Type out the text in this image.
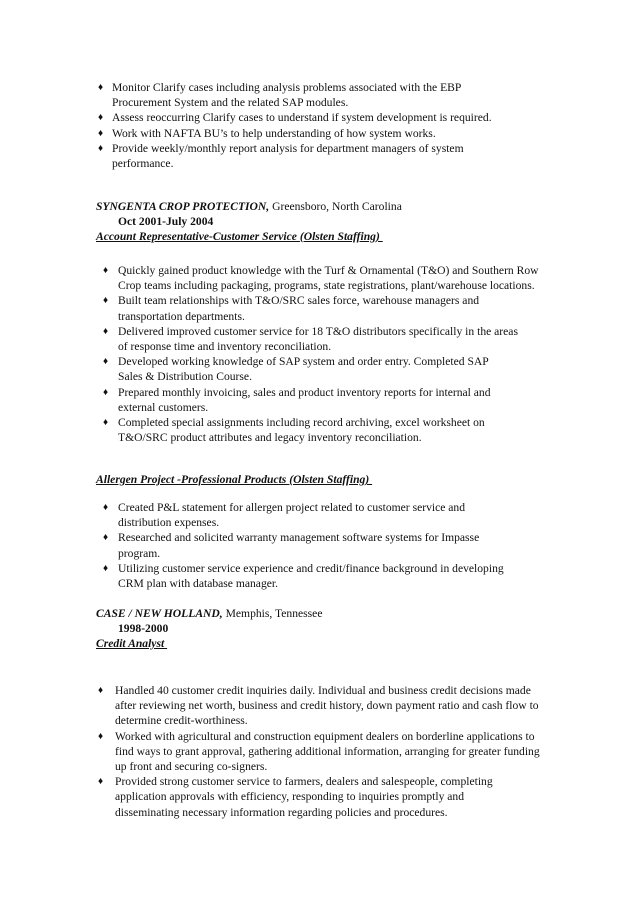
♦ Monitor Clarify cases including analysis problems associated with the EBP Procurement System and the related SAP modules.
♦ Assess reoccurring Clarify cases to understand if system development is required.
♦ Work with NAFTA BU’s to help understanding of how system works.
♦ Provide weekly/monthly report analysis for department managers of system performance.
SYNGENTA CROP PROTECTION, Greensboro, North Carolina
Oct 2001-July 2004
Account Representative-Customer Service (Olsten Staffing)
♦ Quickly gained product knowledge with the Turf & Ornamental (T&O) and Southern Row Crop teams including packaging, programs, state registrations, plant/warehouse locations.
♦ Built team relationships with T&O/SRC sales force, warehouse managers and transportation departments.
♦ Delivered improved customer service for 18 T&O distributors specifically in the areas of response time and inventory reconciliation.
♦ Developed working knowledge of SAP system and order entry. Completed SAP Sales & Distribution Course.
♦ Prepared monthly invoicing, sales and product inventory reports for internal and external customers.
♦ Completed special assignments including record archiving, excel worksheet on T&O/SRC product attributes and legacy inventory reconciliation.
Allergen Project -Professional Products (Olsten Staffing)
♦ Created P&L statement for allergen project related to customer service and distribution expenses.
♦ Researched and solicited warranty management software systems for Impasse program.
♦ Utilizing customer service experience and credit/finance background in developing CRM plan with database manager.
CASE / NEW HOLLAND, Memphis, Tennessee
1998-2000
Credit Analyst
♦ Handled 40 customer credit inquiries daily. Individual and business credit decisions made after reviewing net worth, business and credit history, down payment ratio and cash flow to determine credit-worthiness.
♦ Worked with agricultural and construction equipment dealers on borderline applications to find ways to grant approval, gathering additional information, arranging for greater funding up front and securing co-signers.
♦ Provided strong customer service to farmers, dealers and salespeople, completing application approvals with efficiency, responding to inquiries promptly and disseminating necessary information regarding policies and procedures.
